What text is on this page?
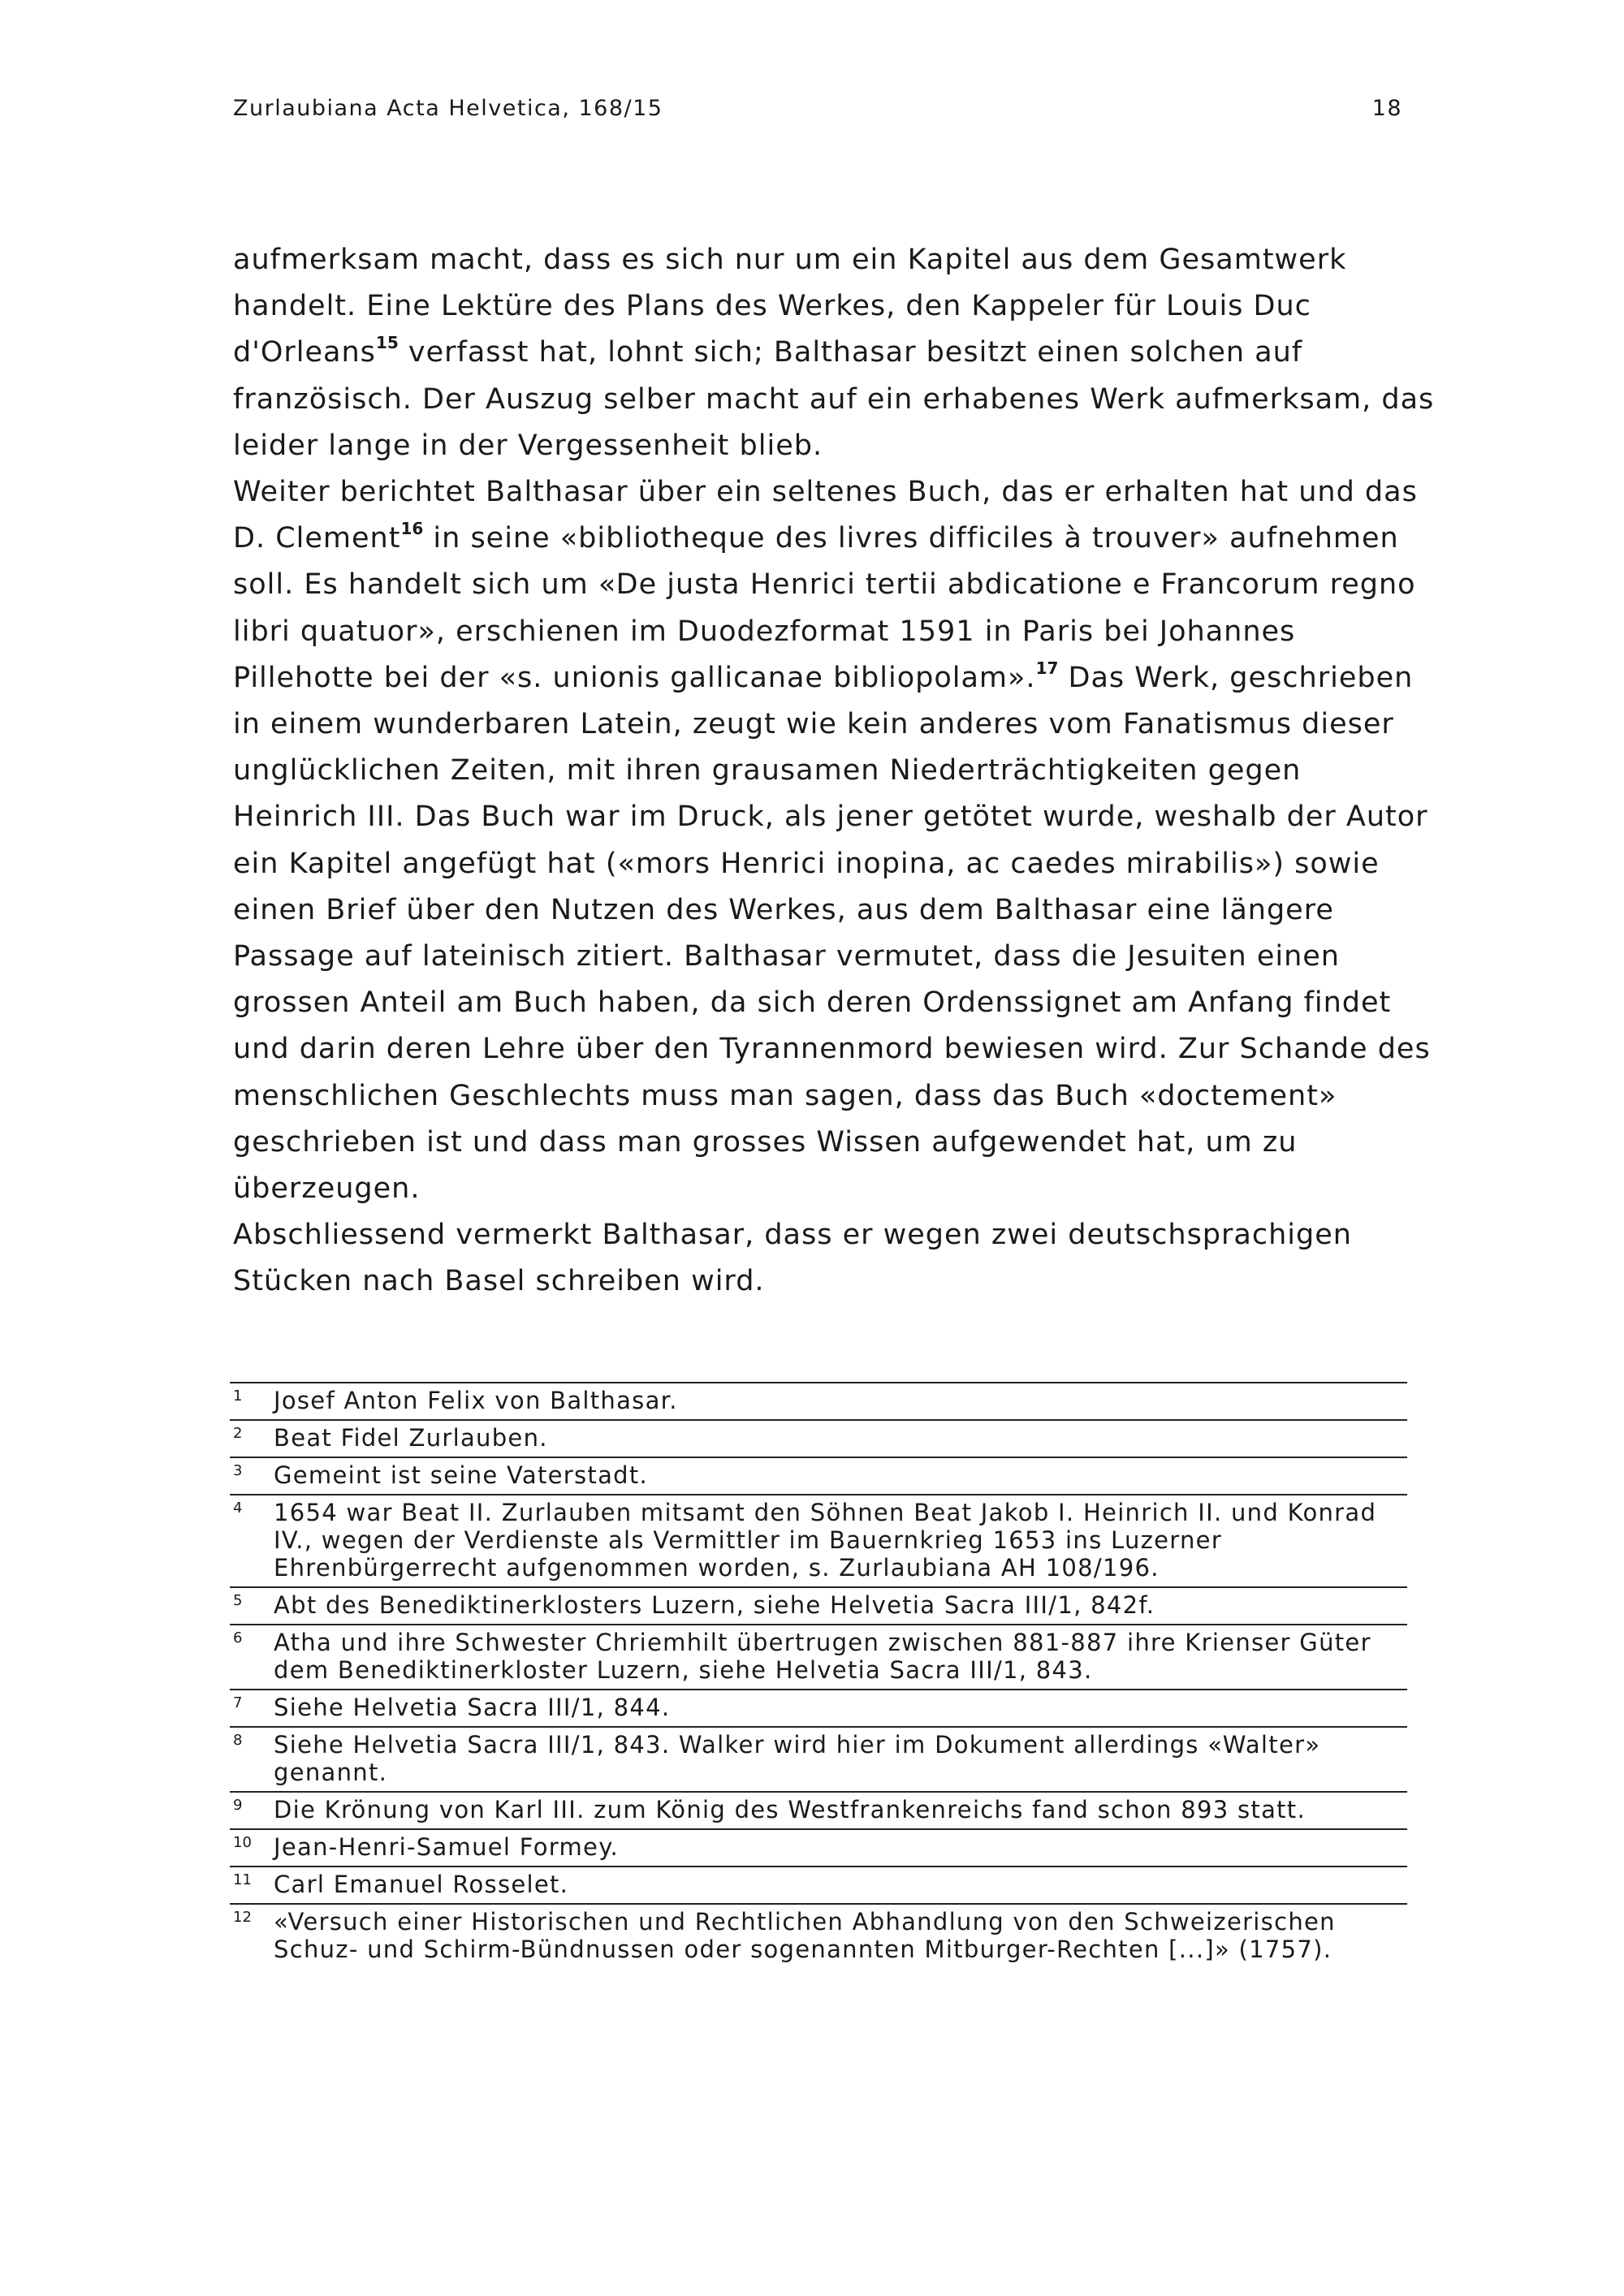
Zurlaubiana Acta Helvetica, 168/15	18

aufmerksam macht, dass es sich nur um ein Kapitel aus dem Gesamtwerk
handelt. Eine Lektüre des Plans des Werkes, den Kappeler für Louis Duc
d'Orleans$^{15}$ verfasst hat, lohnt sich; Balthasar besitzt einen solchen auf
französisch. Der Auszug selber macht auf ein erhabenes Werk aufmerksam, das
leider lange in der Vergessenheit blieb.

Weiter berichtet Balthasar über ein seltenes Buch, das er erhalten hat und das
D. Clement$^{16}$ in seine «bibliotheque des livres difficiles à trouver» aufnehmen
soll. Es handelt sich um «De justa Henrici tertii abdicatione e Francorum regno
libri quatuor», erschienen im Duodezformat 1591 in Paris bei Johannes
Pillehotte bei der «s. unionis gallicanae bibliopolam».$^{17}$ Das Werk, geschrieben
in einem wunderbaren Latein, zeugt wie kein anderes vom Fanatismus dieser
unglücklichen Zeiten, mit ihren grausamen Niederträchtigkeiten gegen
Heinrich III. Das Buch war im Druck, als jener getötet wurde, weshalb der Autor
ein Kapitel angefügt hat («mors Henrici inopina, ac caedes mirabilis») sowie
einen Brief über den Nutzen des Werkes, aus dem Balthasar eine längere
Passage auf lateinisch zitiert. Balthasar vermutet, dass die Jesuiten einen
grossen Anteil am Buch haben, da sich deren Ordenssignet am Anfang findet
und darin deren Lehre über den Tyrannenmord bewiesen wird. Zur Schande des
menschlichen Geschlechts muss man sagen, dass das Buch «doctement»
geschrieben ist und dass man grosses Wissen aufgewendet hat, um zu
überzeugen.

Abschliessend vermerkt Balthasar, dass er wegen zwei deutschsprachigen
Stücken nach Basel schreiben wird.

1 Josef Anton Felix von Balthasar.
2 Beat Fidel Zurlauben.
3 Gemeint ist seine Vaterstadt.
4 1654 war Beat II. Zurlauben mitsamt den Söhnen Beat Jakob I. Heinrich II. und Konrad
IV., wegen der Verdienste als Vermittler im Bauernkrieg 1653 ins Luzerner
Ehrenbürgerrecht aufgenommen worden, s. Zurlaubiana AH 108/196.
5 Abt des Benediktinerklosters Luzern, siehe Helvetia Sacra III/1, 842f.
6 Atha und ihre Schwester Chriemhilt übertrugen zwischen 881-887 ihre Krienser Güter
dem Benediktinerkloster Luzern, siehe Helvetia Sacra III/1, 843.
7 Siehe Helvetia Sacra III/1, 844.
8 Siehe Helvetia Sacra III/1, 843. Walker wird hier im Dokument allerdings «Walter»
genannt.
9 Die Krönung von Karl III. zum König des Westfrankenreichs fand schon 893 statt.
10 Jean-Henri-Samuel Formey.
11 Carl Emanuel Rosselet.
12 «Versuch einer Historischen und Rechtlichen Abhandlung von den Schweizerischen
Schuz- und Schirm-Bündnussen oder sogenannten Mitburger-Rechten [...]» (1757).
